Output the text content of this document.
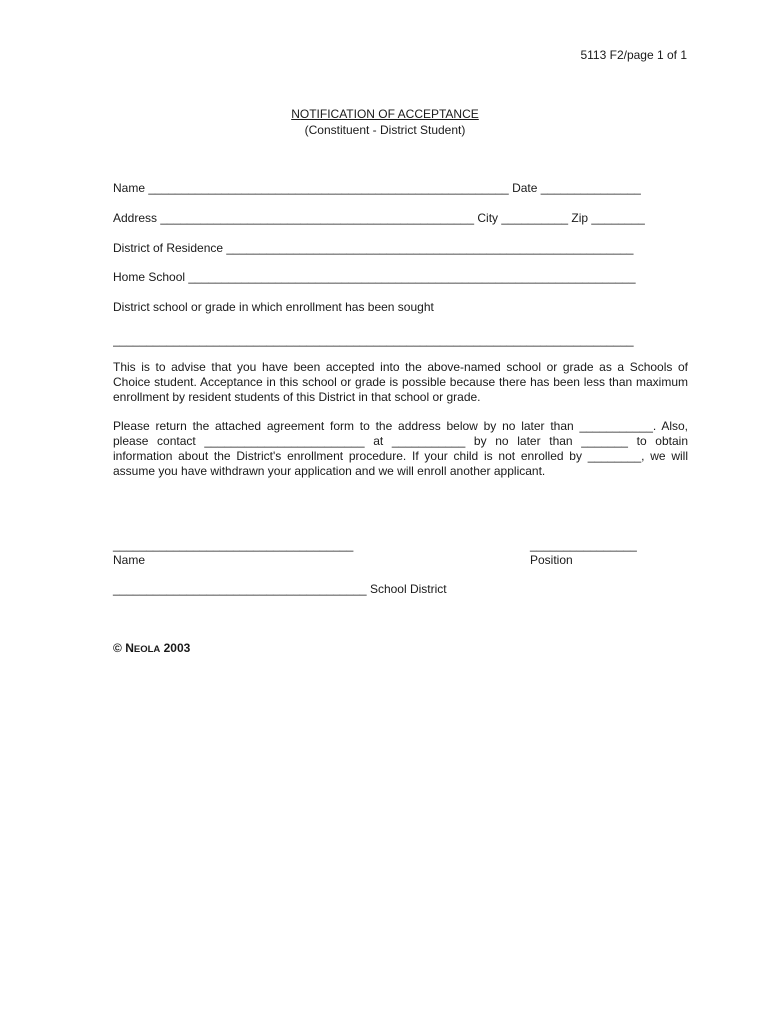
5113 F2/page 1 of 1
NOTIFICATION OF ACCEPTANCE
(Constituent - District Student)
Name ______________________________________________________ Date _______________
Address _______________________________________________ City __________ Zip ________
District of Residence _____________________________________________________________
Home School ___________________________________________________________________
District school or grade in which enrollment has been sought
______________________________________________________________________________
This is to advise that you have been accepted into the above-named school or grade as a Schools of Choice student. Acceptance in this school or grade is possible because there has been less than maximum enrollment by resident students of this District in that school or grade.
Please return the attached agreement form to the address below by no later than ___________. Also, please contact ________________________ at ___________ by no later than _______ to obtain information about the District's enrollment procedure. If your child is not enrolled by ________, we will assume you have withdrawn your application and we will enroll another applicant.
____________________________________	________________
Name	Position
______________________________________ School District
© NEOLA 2003
